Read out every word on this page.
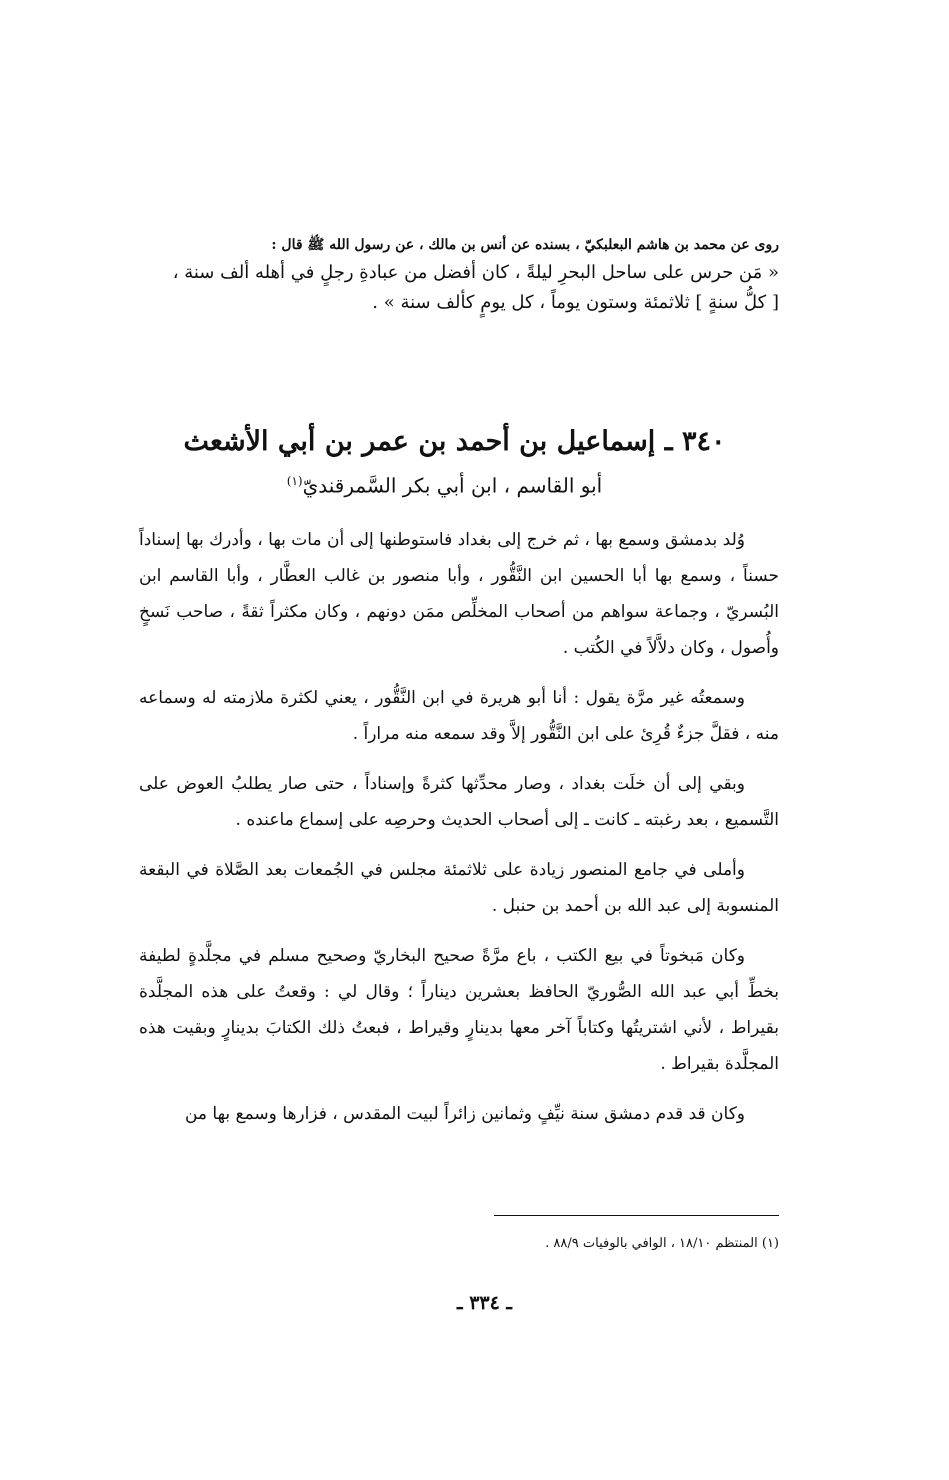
روى عن محمد بن هاشم البعلبكيّ ، بسنده عن أنس بن مالك ، عن رسول الله ﷺ قال :
« مَن حرس على ساحل البحرِ ليلةً ، كان أفضل من عبادةِ رجلٍ في أهله ألف سنة ،
[ كلُّ سنةٍ ] ثلاثمئة وستون يوماً ، كل يومٍ كألف سنة » .
٣٤٠ ـ إسماعيل بن أحمد بن عمر بن أبي الأشعث
أبو القاسم ، ابن أبي بكر السَّمرقنديّ$^{(١)}$

وُلد بدمشق وسمع بها ، ثم خرج إلى بغداد فاستوطنها إلى أن مات بها ، وأدرك بها إسناداً حسناً ، وسمع بها أبا الحسين ابن النَّقُّور ، وأبا منصور بن غالب العطَّار ، وأبا القاسم ابن البُسريّ ، وجماعة سواهم من أصحاب المخلِّص ممَن دونهم ، وكان مكثراً ثقةً ، صاحب نَسخٍ وأُصول ، وكان دلاَّلاً في الكُتب .

وسمعتُه غير مرَّة يقول : أنا أبو هريرة في ابن النَّقُّور ، يعني لكثرة ملازمته له وسماعه منه ، فقلَّ جزءٌ قُرِئ على ابن النَّقُّور إلاَّ وقد سمعه منه مراراً .

وبقي إلى أن خلَت بغداد ، وصار محدِّثها كثرةً وإسناداً ، حتى صار يطلبُ العوض على التَّسميع ، بعد رغبته ـ كانت ـ إلى أصحاب الحديث وحرصِه على إسماع ماعنده .

وأملى في جامع المنصور زيادة على ثلاثمئة مجلس في الجُمعات بعد الصَّلاة في البقعة المنسوبة إلى عبد الله بن أحمد بن حنبل .

وكان مَبخوتاً في بيع الكتب ، باع مرَّةً صحيح البخاريّ وصحيح مسلم في مجلَّدةٍ لطيفة بخطِّ أبي عبد الله الصُّوريّ الحافظ بعشرين ديناراً ؛ وقال لي : وقعتُ على هذه المجلَّدة بقيراط ، لأني اشتريتُها وكتاباً آخر معها بدينارٍ وقيراط ، فبعتُ ذلك الكتابَ بدينارٍ وبقيت هذه المجلَّدة بقيراط .

وكان قد قدم دمشق سنة نيِّفٍ وثمانين زائراً لبيت المقدس ، فزارها وسمع بها من

(١) المنتظم ١٨/١٠ ، الوافي بالوفيات ٨٨/٩ .
ـ ٣٣٤ ـ
